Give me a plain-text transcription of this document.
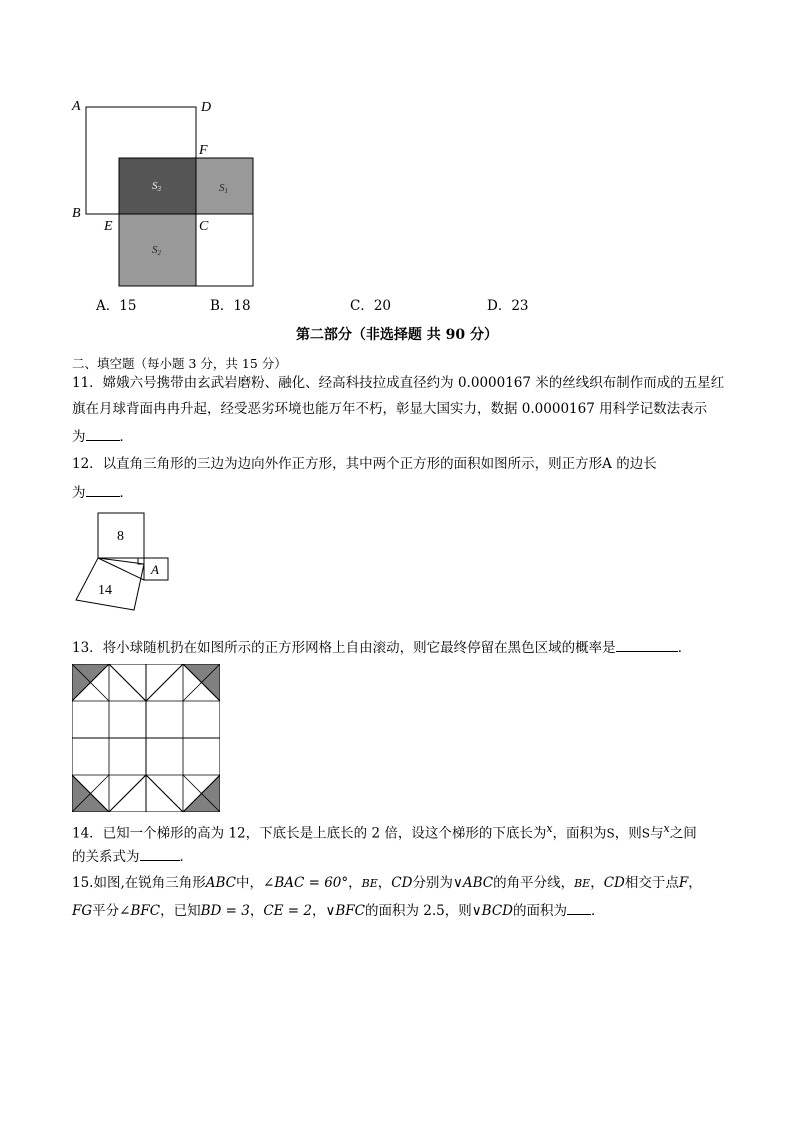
A	D
F
B
E	C
S3	S1
S2
A．15	B．18	C．20	D．23
第二部分（非选择题 共 90 分）
二、填空题（每小题 3 分，共 15 分）
11．嫦娥六号携带由玄武岩磨粉、融化、经高科技拉成直径约为 0.0000167 米的丝线织布制作而成的五星红
旗在月球背面冉冉升起，经受恶劣环境也能万年不朽，彰显大国实力，数据 0.0000167 用科学记数法表示
为	．
12．以直角三角形的三边为边向外作正方形，其中两个正方形的面积如图所示，则正方形A 的边长
为	．
8
14
A
13．将小球随机扔在如图所示的正方形网格上自由滚动，则它最终停留在黑色区域的概率是	．
14．已知一个梯形的高为 12，下底长是上底长的 2 倍，设这个梯形的下底长为$^x$，面积为S，则S与$^x$之间
的关系式为	．
15.如图,在锐角三角形ABC中，∠BAC = 60°，BE，CD分别为∨ABC的角平分线，BE，CD相交于点F，
FG平分∠BFC，已知BD = 3，CE = 2，∨BFC的面积为 2.5，则∨BCD的面积为 ．
